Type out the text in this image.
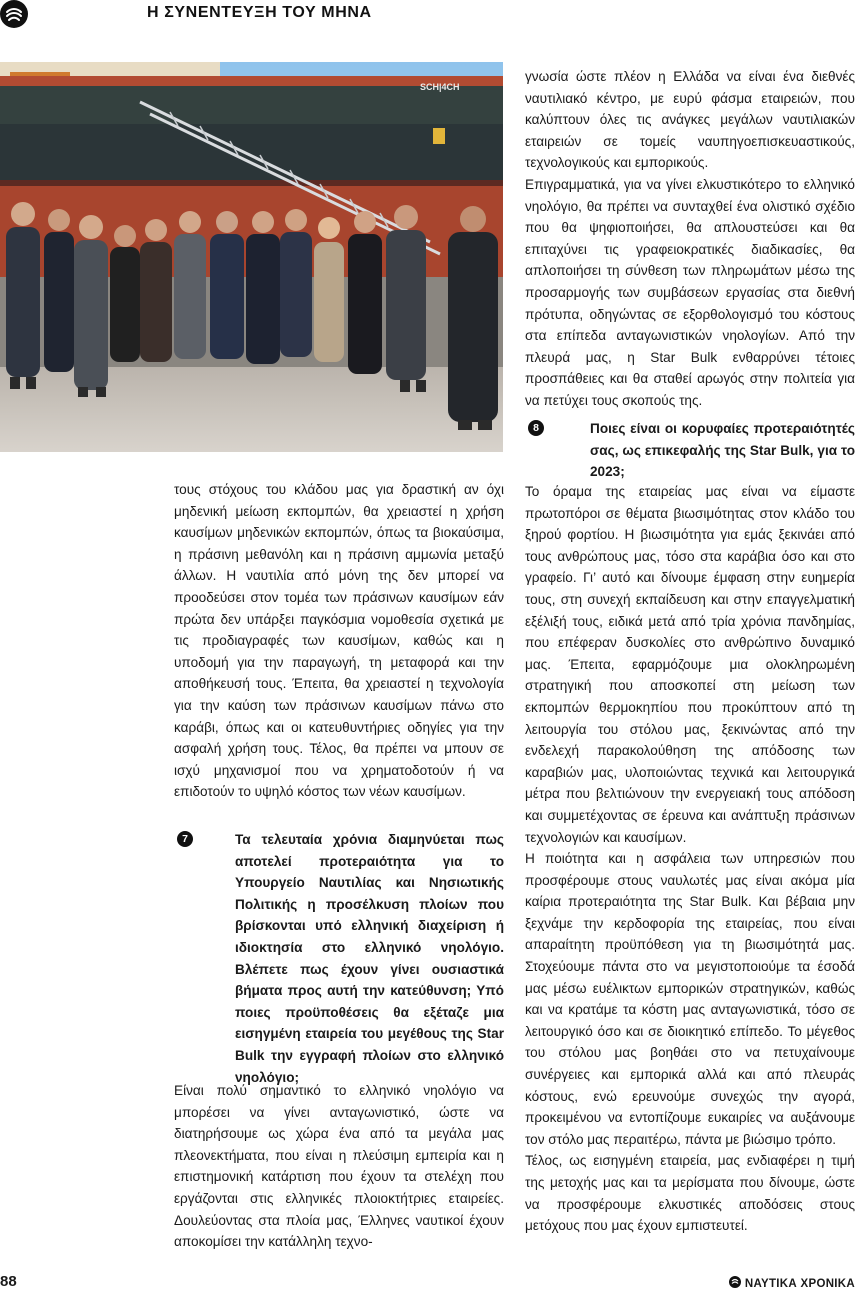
Η ΣΥΝΕΝΤΕΥΞΗ ΤΟΥ ΜΗΝΑ
SCH|4CH

τους στόχους του κλάδου μας για δραστική αν όχι μηδενική μείωση εκπομπών, θα χρειαστεί η χρήση καυσίμων μηδενικών εκπομπών, όπως τα βιοκαύσιμα, η πράσινη μεθανόλη και η πράσινη αμμωνία μεταξύ άλλων. Η ναυτιλία από μόνη της δεν μπορεί να προοδεύσει στον τομέα των πράσινων καυσίμων εάν πρώτα δεν υπάρξει παγκόσμια νομοθεσία σχετικά με τις προδιαγραφές των καυσίμων, καθώς και η υποδομή για την παραγωγή, τη μεταφορά και την αποθήκευσή τους. Έπειτα, θα χρειαστεί η τεχνολογία για την καύση των πράσινων καυσίμων πάνω στο καράβι, όπως και οι κατευθυντήριες οδηγίες για την ασφαλή χρήση τους. Τέλος, θα πρέπει να μπουν σε ισχύ μηχανισμοί που να χρηματοδοτούν ή να επιδοτούν το υψηλό κόστος των νέων καυσίμων.

7	Τα τελευταία χρόνια διαμηνύεται πως αποτελεί προτεραιότητα για το Υπουργείο Ναυτιλίας και Νησιωτικής Πολιτικής η προσέλκυση πλοίων που βρίσκονται υπό ελληνική διαχείριση ή ιδιοκτησία στο ελληνικό νηολόγιο. Βλέπετε πως έχουν γίνει ουσιαστικά βήματα προς αυτή την κατεύθυνση; Υπό ποιες προϋποθέσεις θα εξέταζε μια εισηγμένη εταιρεία του μεγέθους της Star Bulk την εγγραφή πλοίων στο ελληνικό νηολόγιο;

Είναι πολύ σημαντικό το ελληνικό νηολόγιο να μπορέσει να γίνει ανταγωνιστικό, ώστε να διατηρήσουμε ως χώρα ένα από τα μεγάλα μας πλεονεκτήματα, που είναι η πλεύσιμη εμπειρία και η επιστημονική κατάρτιση που έχουν τα στελέχη που εργάζονται στις ελληνικές πλοιοκτήτριες εταιρείες. Δουλεύοντας στα πλοία μας, Έλληνες ναυτικοί έχουν αποκομίσει την κατάλληλη τεχνο-

γνωσία ώστε πλέον η Ελλάδα να είναι ένα διεθνές ναυτιλιακό κέντρο, με ευρύ φάσμα εταιρειών, που καλύπτουν όλες τις ανάγκες μεγάλων ναυτιλιακών εταιρειών σε τομείς ναυπηγοεπισκευαστικούς, τεχνολογικούς και εμπορικούς.

Επιγραμματικά, για να γίνει ελκυστικότερο το ελληνικό νηολόγιο, θα πρέπει να συνταχθεί ένα ολιστικό σχέδιο που θα ψηφιοποιήσει, θα απλουστεύσει και θα επιταχύνει τις γραφειοκρατικές διαδικασίες, θα απλοποιήσει τη σύνθεση των πληρωμάτων μέσω της προσαρμογής των συμβάσεων εργασίας στα διεθνή πρότυπα, οδηγώντας σε εξορθολογισμό του κόστους στα επίπεδα ανταγωνιστικών νηολογίων. Από την πλευρά μας, η Star Bulk ενθαρρύνει τέτοιες προσπάθειες και θα σταθεί αρωγός στην πολιτεία για να πετύχει τους σκοπούς της.

8	Ποιες είναι οι κορυφαίες προτεραιότητές σας, ως επικεφαλής της Star Bulk, για το 2023;

Το όραμα της εταιρείας μας είναι να είμαστε πρωτοπόροι σε θέματα βιωσιμότητας στον κλάδο του ξηρού φορτίου. Η βιωσιμότητα για εμάς ξεκινάει από τους ανθρώπους μας, τόσο στα καράβια όσο και στο γραφείο. Γι’ αυτό και δίνουμε έμφαση στην ευημερία τους, στη συνεχή εκπαίδευση και στην επαγγελματική εξέλιξή τους, ειδικά μετά από τρία χρόνια πανδημίας, που επέφεραν δυσκολίες στο ανθρώπινο δυναμικό μας. Έπειτα, εφαρμόζουμε μια ολοκληρωμένη στρατηγική που αποσκοπεί στη μείωση των εκπομπών θερμοκηπίου που προκύπτουν από τη λειτουργία του στόλου μας, ξεκινώντας από την ενδελεχή παρακολούθηση της απόδοσης των καραβιών μας, υλοποιώντας τεχνικά και λειτουργικά μέτρα που βελτιώνουν την ενεργειακή τους απόδοση και συμμετέχοντας σε έρευνα και ανάπτυξη πράσινων τεχνολογιών και καυσίμων.

Η ποιότητα και η ασφάλεια των υπηρεσιών που προσφέρουμε στους ναυλωτές μας είναι ακόμα μία καίρια προτεραιότητα της Star Bulk. Και βέβαια μην ξεχνάμε την κερδοφορία της εταιρείας, που είναι απαραίτητη προϋπόθεση για τη βιωσιμότητά μας. Στοχεύουμε πάντα στο να μεγιστοποιούμε τα έσοδά μας μέσω ευέλικτων εμπορικών στρατηγικών, καθώς και να κρατάμε τα κόστη μας ανταγωνιστικά, τόσο σε λειτουργικό όσο και σε διοικητικό επίπεδο. Το μέγεθος του στόλου μας βοηθάει στο να πετυχαίνουμε συνέργειες και εμπορικά αλλά και από πλευράς κόστους, ενώ ερευνούμε συνεχώς την αγορά, προκειμένου να εντοπίζουμε ευκαιρίες να αυξάνουμε τον στόλο μας περαιτέρω, πάντα με βιώσιμο τρόπο.

Τέλος, ως εισηγμένη εταιρεία, μας ενδιαφέρει η τιμή της μετοχής μας και τα μερίσματα που δίνουμε, ώστε να προσφέρουμε ελκυστικές αποδόσεις στους μετόχους που μας έχουν εμπιστευτεί.

88	ΝΑΥΤΙΚΑ ΧΡΟΝΙΚΑ
